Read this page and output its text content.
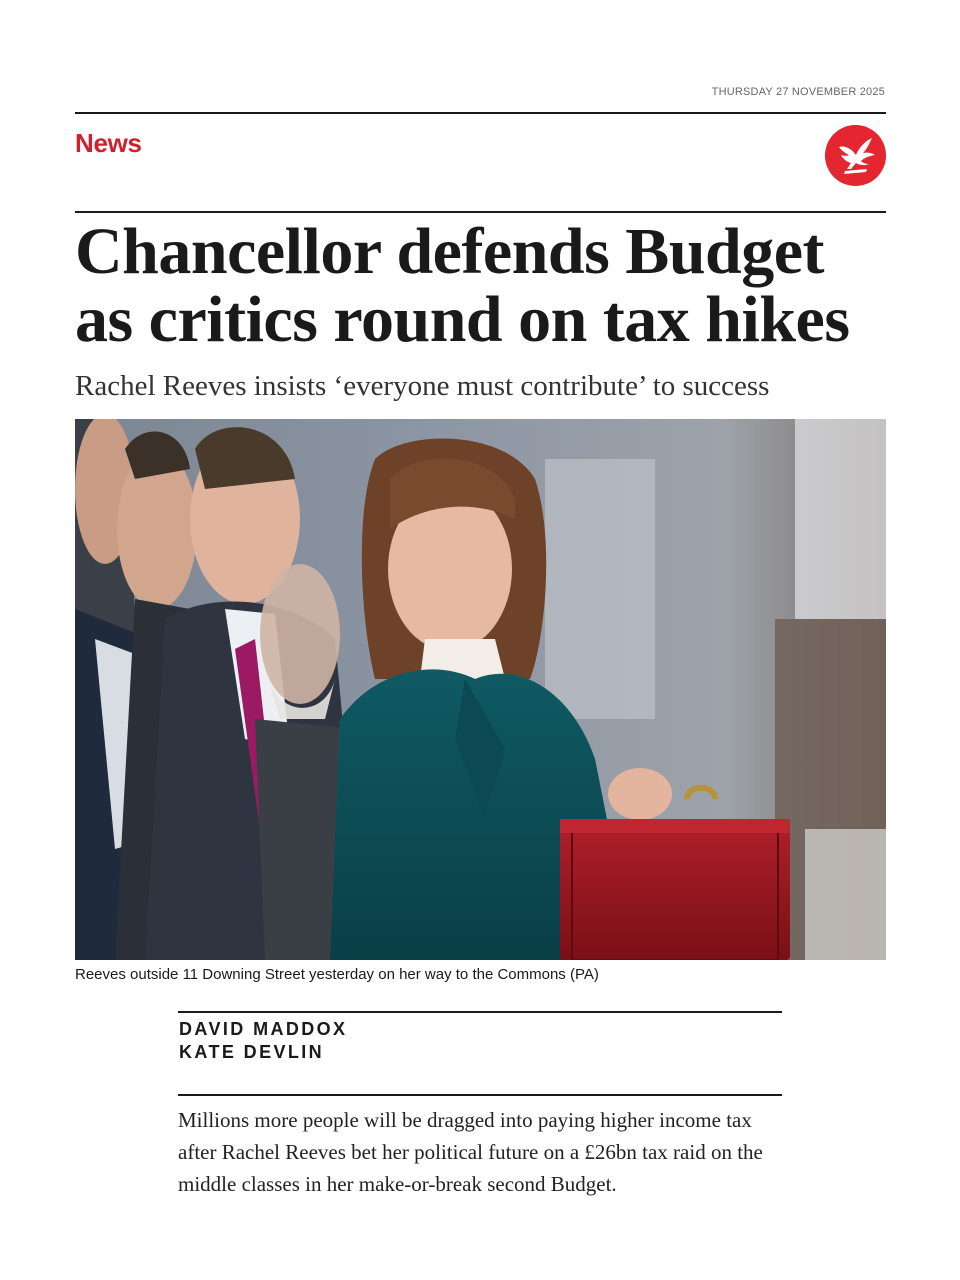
THURSDAY 27 NOVEMBER 2025
News
Chancellor defends Budget
as critics round on tax hikes
Rachel Reeves insists ‘everyone must contribute’ to success
Reeves outside 11 Downing Street yesterday on her way to the Commons (PA)
DAVID MADDOX
KATE DEVLIN

Millions more people will be dragged into paying higher income tax after Rachel Reeves bet her political future on a £26bn tax raid on the middle classes in her make-or-break second Budget.
